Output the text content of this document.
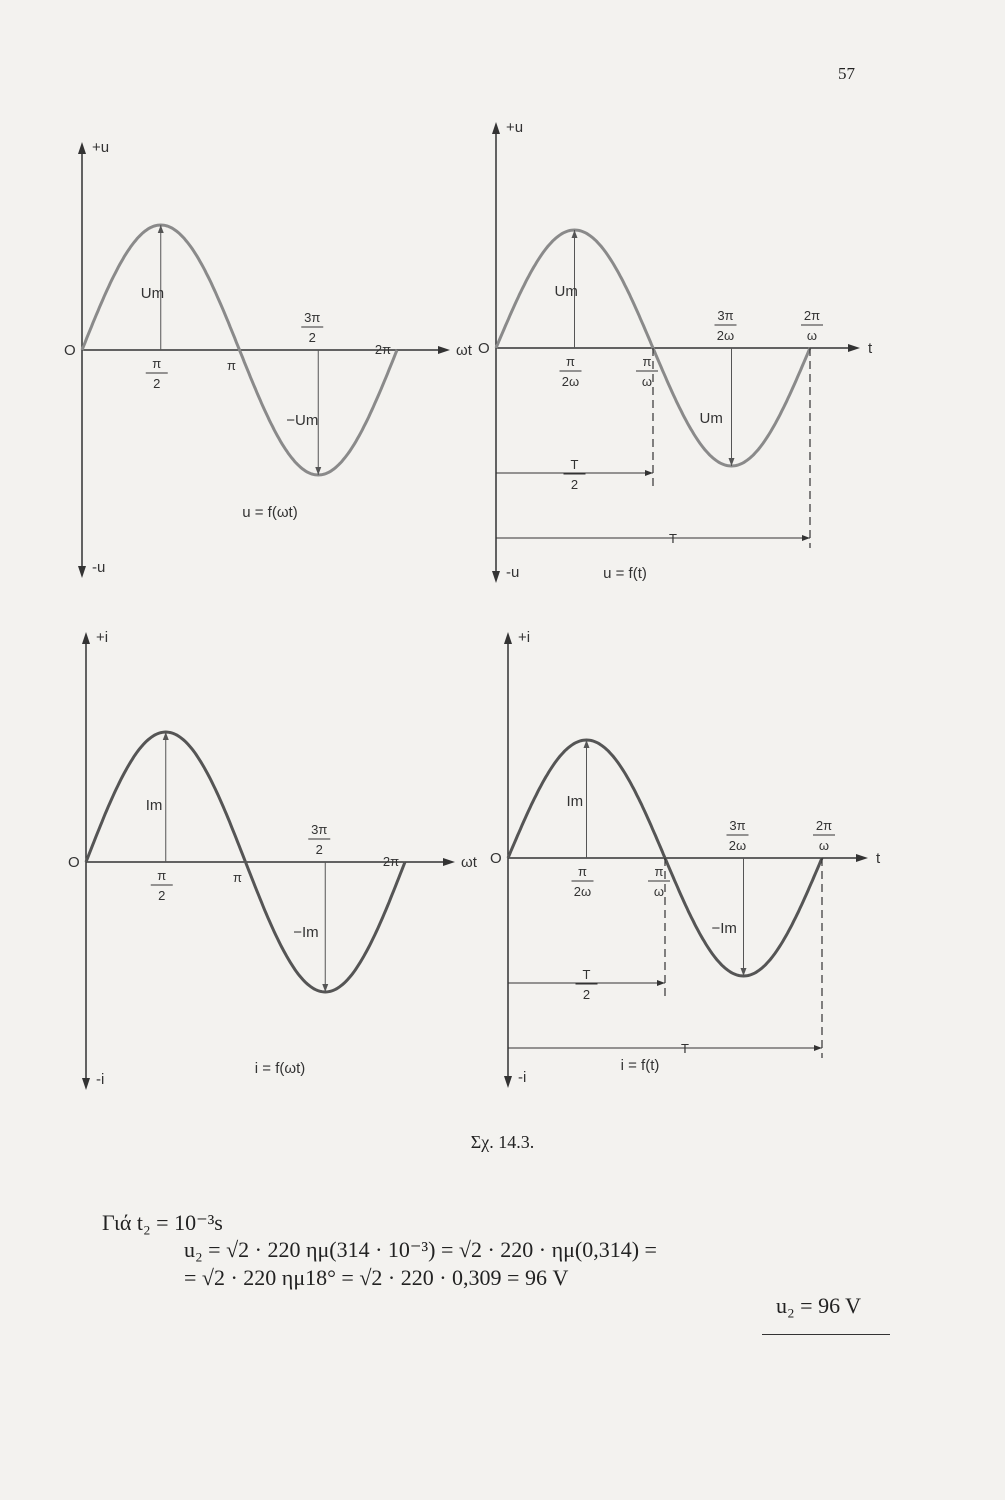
57
+u
-u
ωt
O
Um
−Um
π
2
π
3π
2
2π
u = f(ωt)
+u
-u
t
O
Um
Um
π
2ω
π
ω
3π
2ω
2π
ω
u = f(t)
T
2
T
+i
-i
ωt
O
Im
−Im
π
2
π
3π
2
2π
i = f(ωt)
+i
-i
t
O
Im
−Im
π
2ω
π
ω
3π
2ω
2π
ω
i = f(t)
T
2
T
Σχ. 14.3.
Γιά t₂ = 10⁻³s
u₂ = √2 · 220 ημ(314 · 10⁻³) = √2 · 220 · ημ(0,314) =
= √2 · 220 ημ18° = √2 · 220 · 0,309 = 96 V
u₂ = 96 V
